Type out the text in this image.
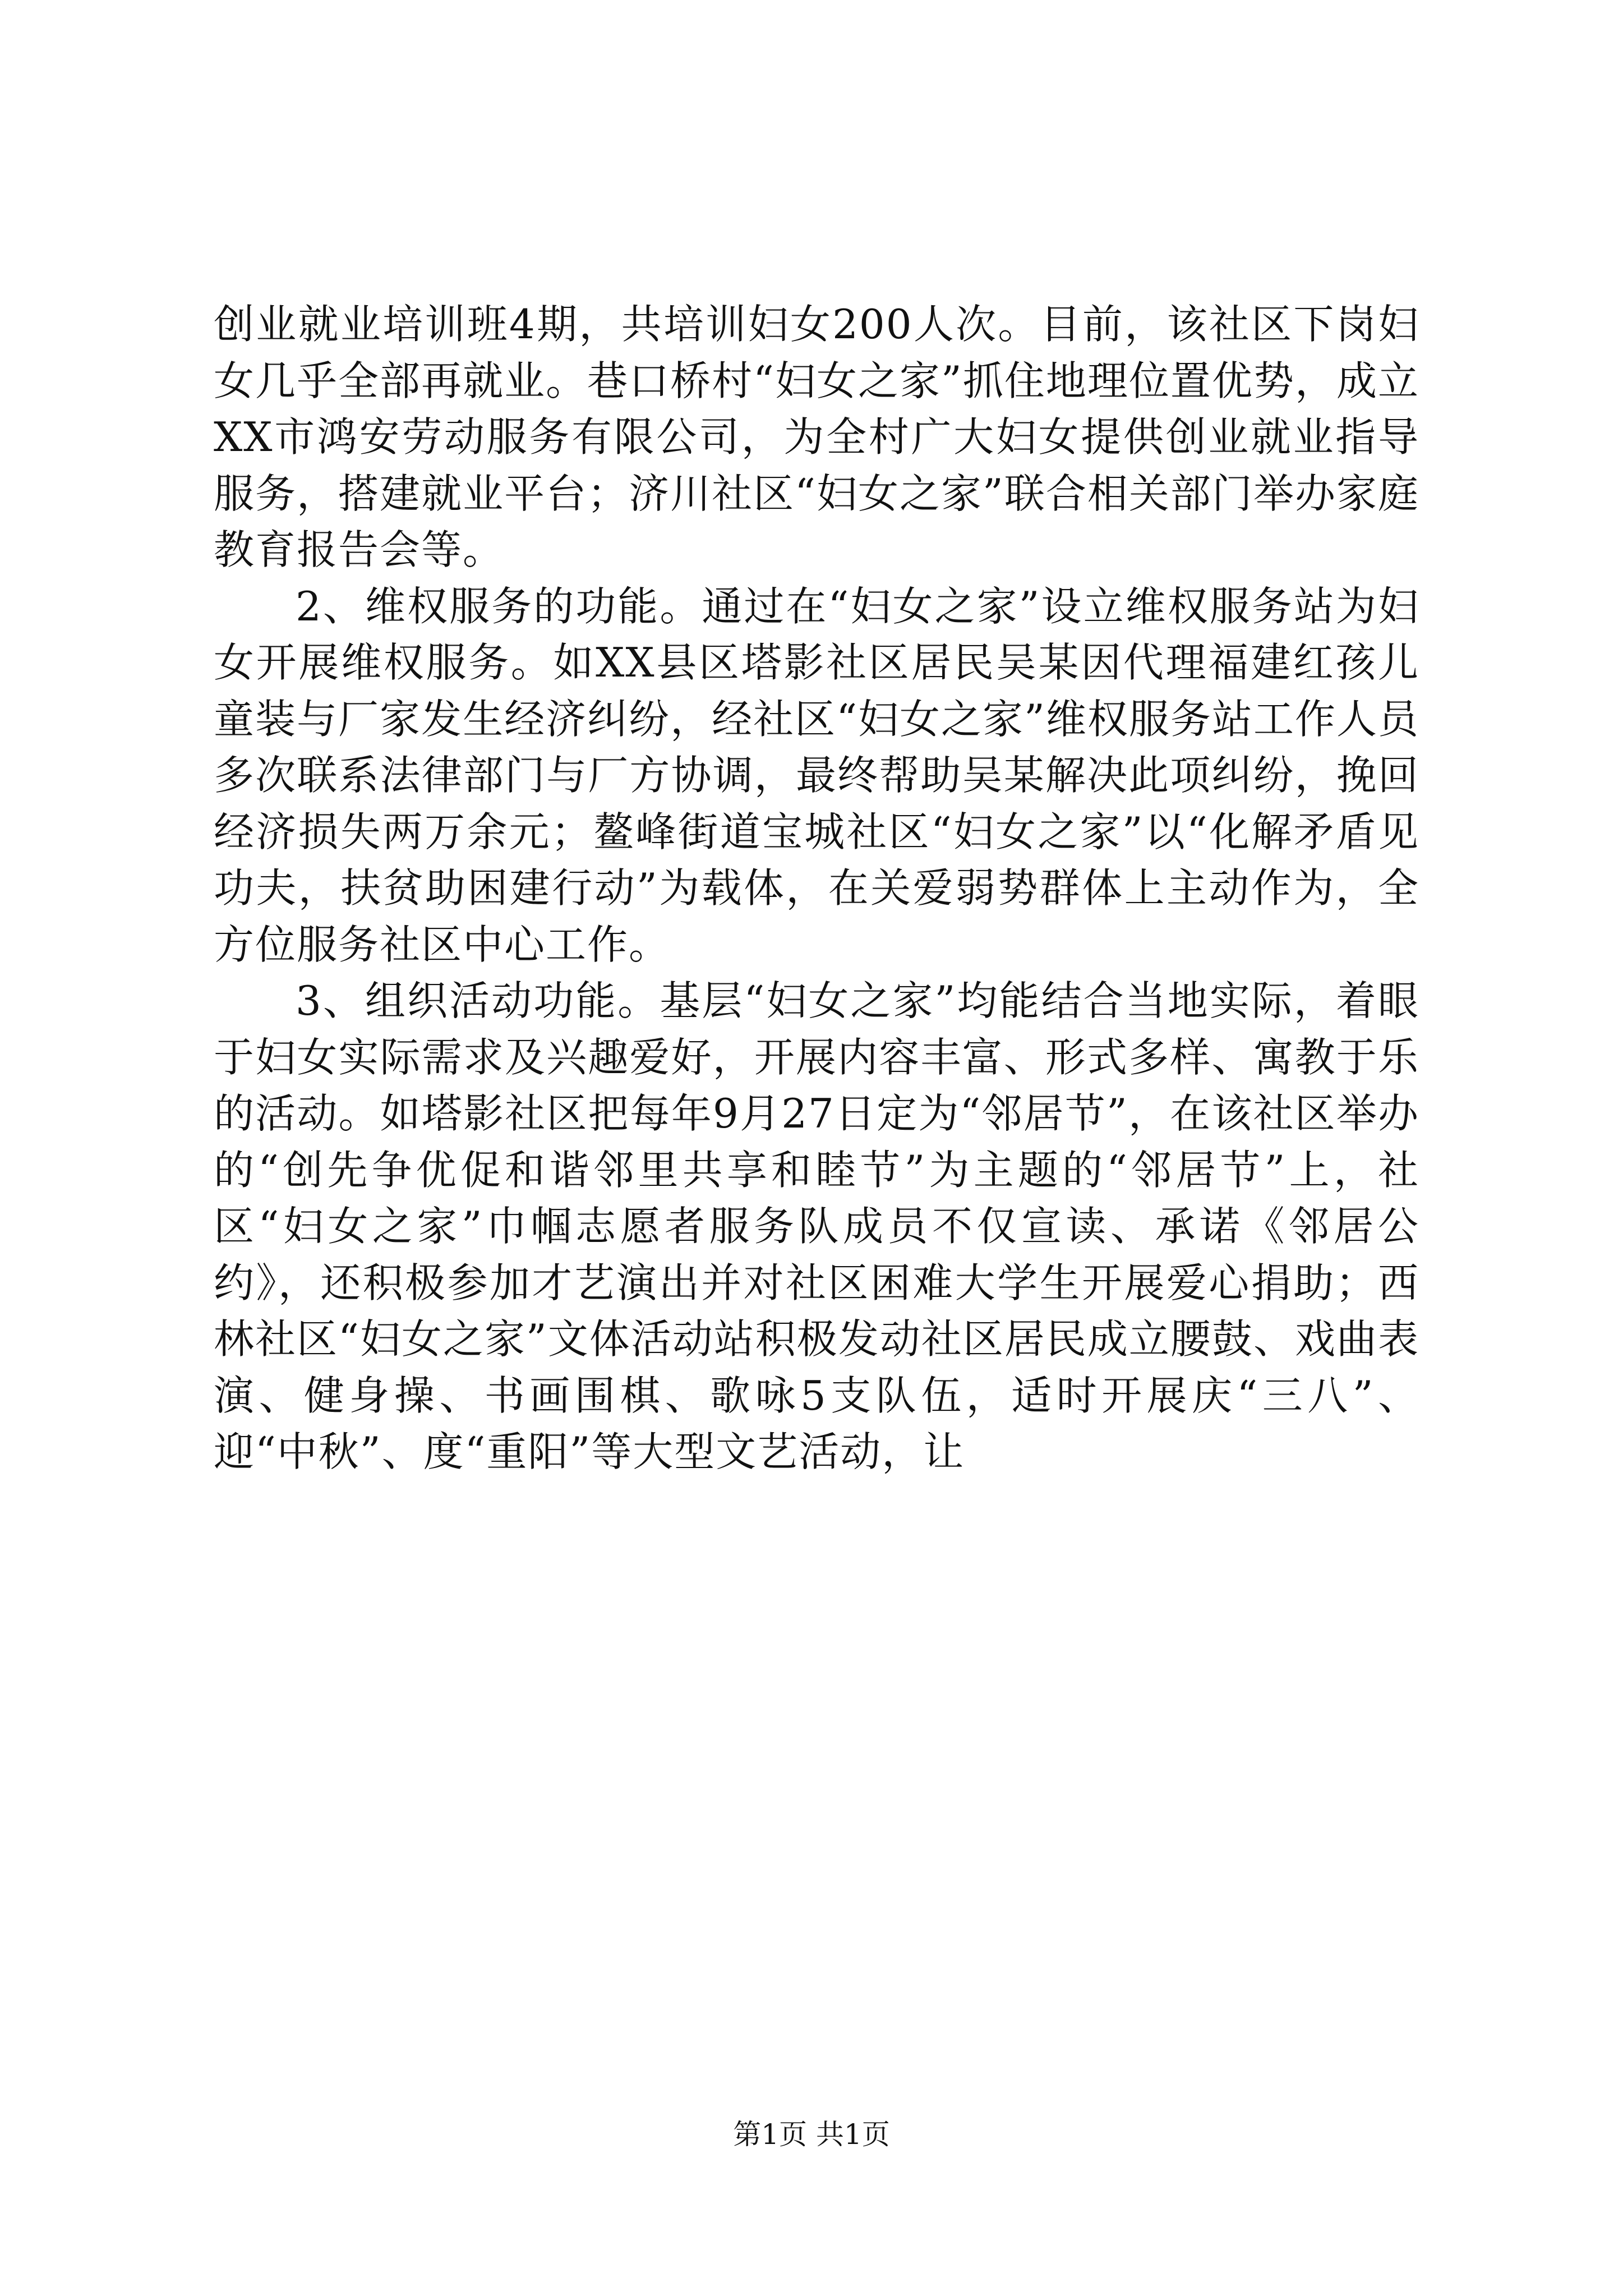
创业就业培训班4期，共培训妇女200人次。目前，该社区下岗妇女几乎全部再就业。巷口桥村“妇女之家”抓住地理位置优势，成立XX市鸿安劳动服务有限公司，为全村广大妇女提供创业就业指导服务，搭建就业平台；济川社区“妇女之家”联合相关部门举办家庭教育报告会等。

2、维权服务的功能。通过在“妇女之家”设立维权服务站为妇女开展维权服务。如XX县区塔影社区居民吴某因代理福建红孩儿童装与厂家发生经济纠纷，经社区“妇女之家”维权服务站工作人员多次联系法律部门与厂方协调，最终帮助吴某解决此项纠纷，挽回经济损失两万余元；鳌峰街道宝城社区“妇女之家”以“化解矛盾见功夫，扶贫助困建行动”为载体，在关爱弱势群体上主动作为，全方位服务社区中心工作。

3、组织活动功能。基层“妇女之家”均能结合当地实际，着眼于妇女实际需求及兴趣爱好，开展内容丰富、形式多样、寓教于乐的活动。如塔影社区把每年9月27日定为“邻居节”，在该社区举办的“创先争优促和谐邻里共享和睦节”为主题的“邻居节”上，社区“妇女之家”巾帼志愿者服务队成员不仅宣读、承诺《邻居公约》，还积极参加才艺演出并对社区困难大学生开展爱心捐助；西林社区“妇女之家”文体活动站积极发动社区居民成立腰鼓、戏曲表演、健身操、书画围棋、歌咏5支队伍，适时开展庆“三八”、迎“中秋”、度“重阳”等大型文艺活动，让

第1页 共1页
